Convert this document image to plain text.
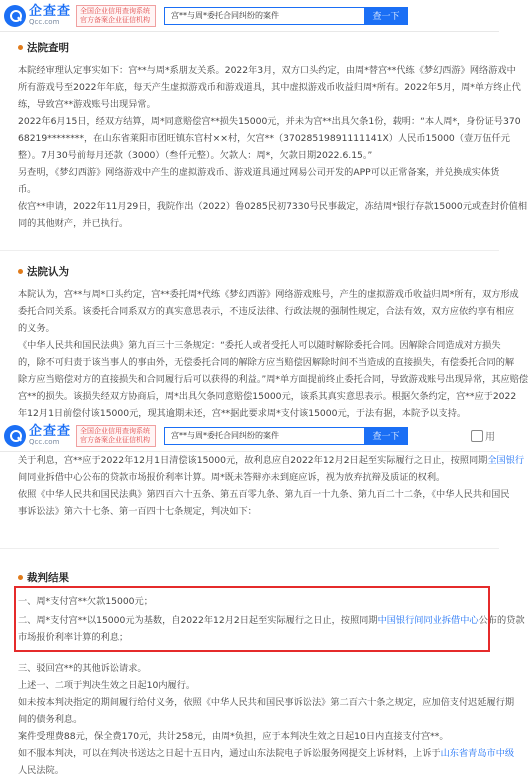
企查查
Qcc.com
全国企业信用查询系统官方备案企业征信机构	宫**与周*委托合同纠纷的案件	查一下
法院查明
本院经审理认定事实如下：宫**与周*系朋友关系。2022年3月，双方口头约定，由周*替宫**代练《梦幻西游》网络游戏中
所有游戏号至2022年年底，每天产生虚拟游戏币和游戏道具，其中虚拟游戏币收益归周*所有。2022年5月，周*单方终止代
练，导致宫**游戏账号出现异常。
2022年6月15日，经双方结算，周*同意赔偿宫**损失15000元，并未为宫**出具欠条1份，载明：“本人周*，身份证号370
68219********，在山东省莱阳市团旺镇东官村××村，欠宫**（37028519891111141X）人民币15000（壹万伍仟元
整）。7月30号前每月还款（3000）（叁仟元整）。欠款人：周*，欠款日期2022.6.15。”
另查明，《梦幻西游》网络游戏中产生的虚拟游戏币、游戏道具通过网易公司开发的APP可以正常备案，并兑换成实体货
币。
依宫**申请，2022年11月29日，我院作出（2022）鲁0285民初7330号民事裁定，冻结周*银行存款15000元或查封价值相
同的其他财产，并已执行。
法院认为
本院认为，宫**与周*口头约定，宫**委托周*代练《梦幻西游》网络游戏账号，产生的虚拟游戏币收益归周*所有，双方形成
委托合同关系。该委托合同系双方的真实意思表示，不违反法律、行政法规的强制性规定，合法有效，双方应依约享有相应
的义务。
《中华人民共和国民法典》第九百三十三条规定：“委托人或者受托人可以随时解除委托合同。因解除合同造成对方损失
的，除不可归责于该当事人的事由外，无偿委托合同的解除方应当赔偿因解除时间不当造成的直接损失，有偿委托合同的解
除方应当赔偿对方的直接损失和合同履行后可以获得的利益。”周*单方面提前终止委托合同，导致游戏账号出现异常，其应赔偿
宫**的损失。该损失经双方协商后，周*出具欠条同意赔偿15000元，该系其真实意思表示。根据欠条约定，宫**应于2022
年12月1日前偿付该15000元，现其逾期未还，宫**据此要求周*支付该15000元，于法有据，本院予以支持。
企查查
Qcc.com
全国企业信用查询系统官方备案企业征信机构	宫**与周*委托合同纠纷的案件	查一下	用
关于利息，宫**应于2022年12月1日清偿该15000元，故利息应自2022年12月2日起至实际履行之日止，按照同期全国银行
间同业拆借中心公布的贷款市场报价利率计算。周*既未答辩亦未到庭应诉，视为放弃抗辩及质证的权利。
依照《中华人民共和国民法典》第四百六十五条、第五百零九条、第九百一十九条、第九百二十二条，《中华人民共和国民
事诉讼法》第六十七条、第一百四十七条规定，判决如下：
裁判结果
一、周*支付宫**欠款15000元；
二、周*支付宫**以15000元为基数，自2022年12月2日起至实际履行之日止，按照同期中国银行间同业拆借中心公布的贷款
市场报价利率计算的利息；
三、驳回宫**的其他诉讼请求。
上述一、二项于判决生效之日起10内履行。
如未按本判决指定的期间履行给付义务，依照《中华人民共和国民事诉讼法》第二百六十条之规定，应加倍支付迟延履行期
间的债务利息。
案件受理费88元，保全费170元，共计258元，由周*负担，应于本判决生效之日起10日内直接支付宫**。
如不服本判决，可以在判决书送达之日起十五日内，通过山东法院电子诉讼服务网提交上诉材料，上诉于山东省青岛市中级
人民法院。
